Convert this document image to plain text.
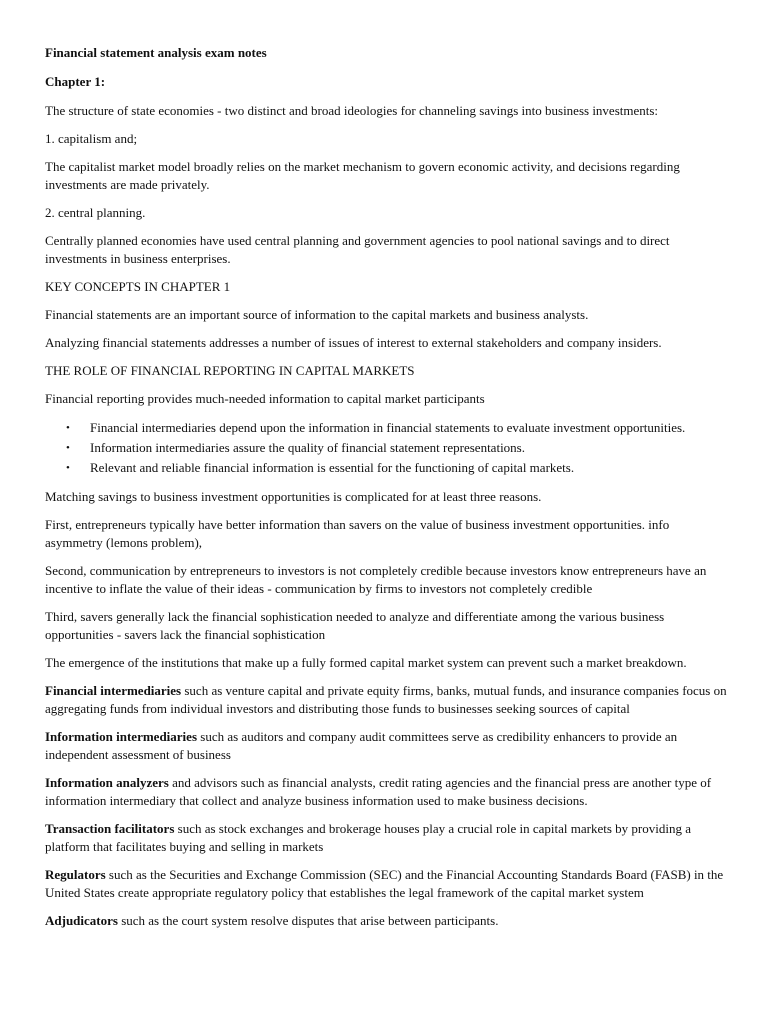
Financial statement analysis exam notes

Chapter 1:

The structure of state economies - two distinct and broad ideologies for channeling savings into business investments:

1. capitalism and;

The capitalist market model broadly relies on the market mechanism to govern economic activity, and decisions regarding investments are made privately.

2. central planning.

Centrally planned economies have used central planning and government agencies to pool national savings and to direct investments in business enterprises.

KEY CONCEPTS IN CHAPTER 1

Financial statements are an important source of information to the capital markets and business analysts.

Analyzing financial statements addresses a number of issues of interest to external stakeholders and company insiders.

THE ROLE OF FINANCIAL REPORTING IN CAPITAL MARKETS

Financial reporting provides much-needed information to capital market participants

• Financial intermediaries depend upon the information in financial statements to evaluate investment opportunities.
• Information intermediaries assure the quality of financial statement representations.
• Relevant and reliable financial information is essential for the functioning of capital markets.

Matching savings to business investment opportunities is complicated for at least three reasons.

First, entrepreneurs typically have better information than savers on the value of business investment opportunities. info asymmetry (lemons problem),

Second, communication by entrepreneurs to investors is not completely credible because investors know entrepreneurs have an incentive to inflate the value of their ideas - communication by firms to investors not completely credible

Third, savers generally lack the financial sophistication needed to analyze and differentiate among the various business opportunities - savers lack the financial sophistication

The emergence of the institutions that make up a fully formed capital market system can prevent such a market breakdown.

Financial intermediaries such as venture capital and private equity firms, banks, mutual funds, and insurance companies focus on aggregating funds from individual investors and distributing those funds to businesses seeking sources of capital

Information intermediaries such as auditors and company audit committees serve as credibility enhancers to provide an independent assessment of business

Information analyzers and advisors such as financial analysts, credit rating agencies and the financial press are another type of information intermediary that collect and analyze business information used to make business decisions.

Transaction facilitators such as stock exchanges and brokerage houses play a crucial role in capital markets by providing a platform that facilitates buying and selling in markets

Regulators such as the Securities and Exchange Commission (SEC) and the Financial Accounting Standards Board (FASB) in the United States create appropriate regulatory policy that establishes the legal framework of the capital market system

Adjudicators such as the court system resolve disputes that arise between participants.
